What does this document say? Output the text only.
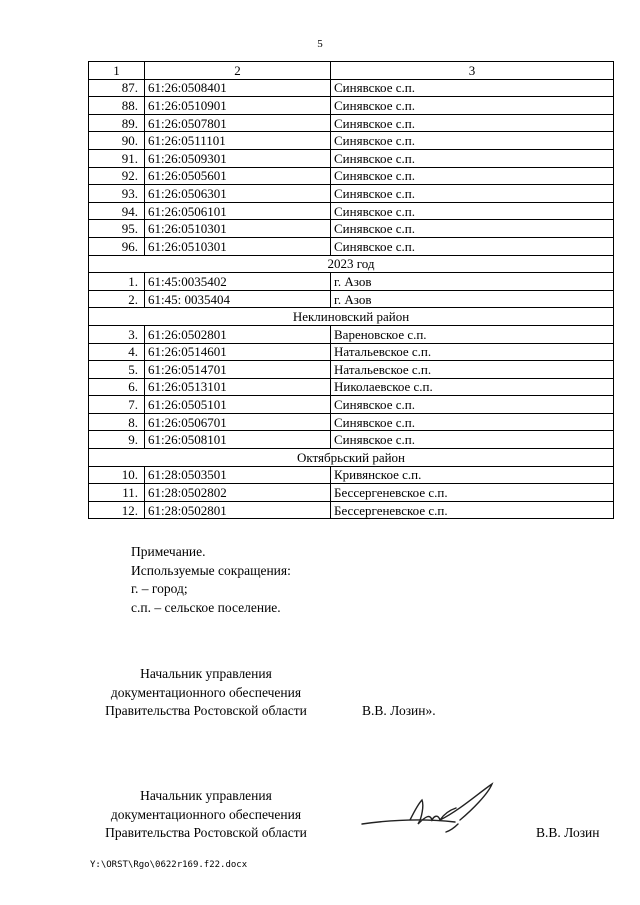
5
1	2	3
87.	61:26:0508401	Синявское с.п.
88.	61:26:0510901	Синявское с.п.
89.	61:26:0507801	Синявское с.п.
90.	61:26:0511101	Синявское с.п.
91.	61:26:0509301	Синявское с.п.
92.	61:26:0505601	Синявское с.п.
93.	61:26:0506301	Синявское с.п.
94.	61:26:0506101	Синявское с.п.
95.	61:26:0510301	Синявское с.п.
96.	61:26:0510301	Синявское с.п.
2023 год		
1.	61:45:0035402	г. Азов
2.	61:45: 0035404	г. Азов
Неклиновский район		
3.	61:26:0502801	Вареновское с.п.
4.	61:26:0514601	Натальевское с.п.
5.	61:26:0514701	Натальевское с.п.
6.	61:26:0513101	Николаевское с.п.
7.	61:26:0505101	Синявское с.п.
8.	61:26:0506701	Синявское с.п.
9.	61:26:0508101	Синявское с.п.
Октябрьский район		
10.	61:28:0503501	Кривянское с.п.
11.	61:28:0502802	Бессергеневское с.п.
12.	61:28:0502801	Бессергеневское с.п.
Примечание.
Используемые сокращения:
г. – город;
с.п. – сельское поселение.
Начальник управления
документационного обеспечения
Правительства Ростовской области	В.В. Лозин».
Начальник управления
документационного обеспечения
Правительства Ростовской области	В.В. Лозин
Y:\ORST\Rgo\0622r169.f22.docx
